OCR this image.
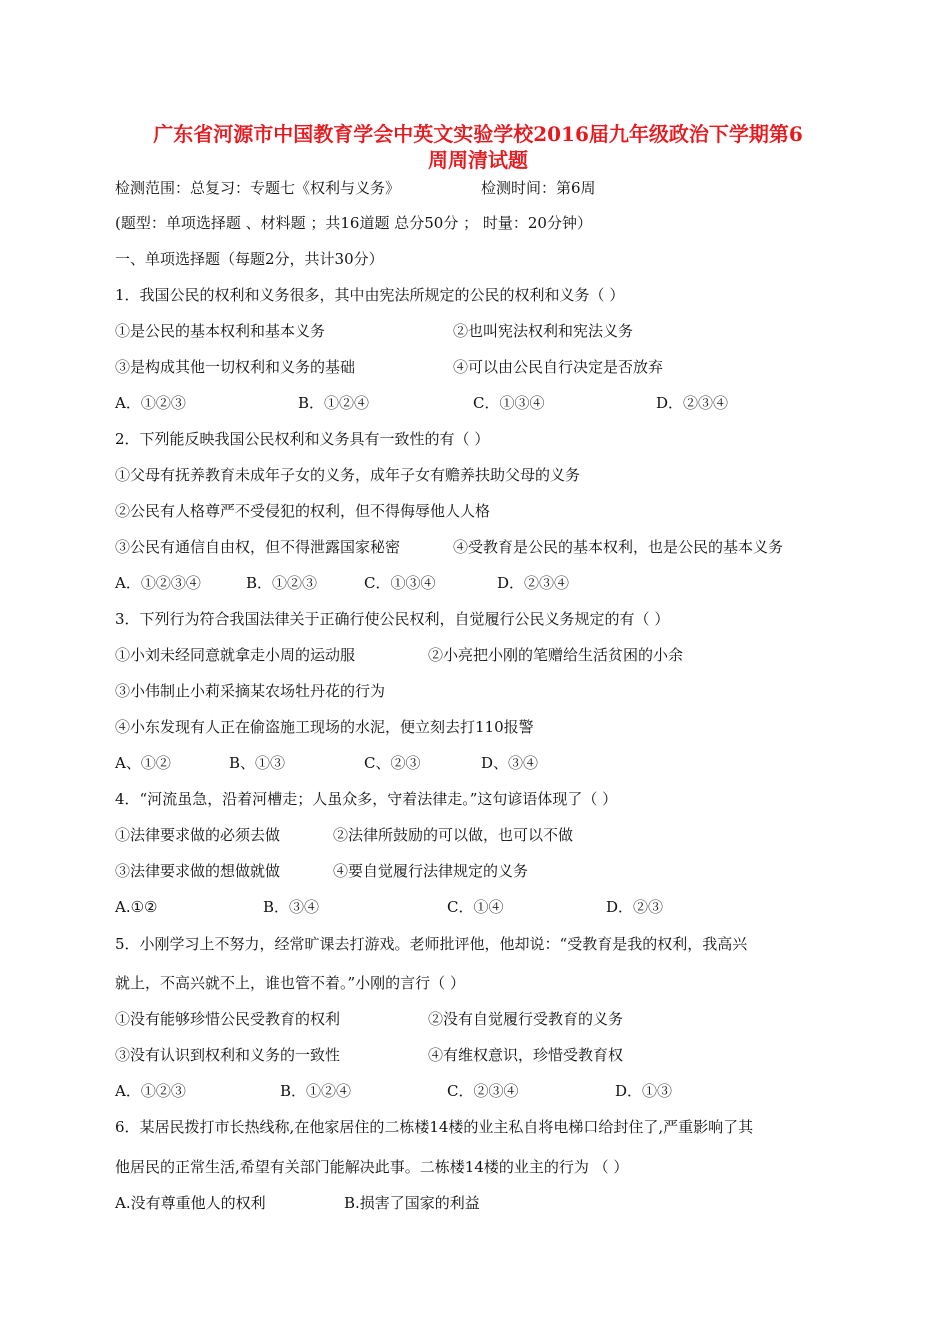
广东省河源市中国教育学会中英文实验学校2016届九年级政治下学期第6
周周清试题
检测范围：总复习：专题七《权利与义务》	检测时间：第6周
(题型：单项选择题 、材料题 ；共16道题 总分50分 ； 时量：20分钟）
一、单项选择题（每题2分，共计30分）
1．我国公民的权利和义务很多，其中由宪法所规定的公民的权利和义务（ ）
①是公民的基本权利和基本义务	②也叫宪法权利和宪法义务
③是构成其他一切权利和义务的基础	④可以由公民自行决定是否放弃
A．①②③	B．①②④	C．①③④	D．②③④
2．下列能反映我国公民权利和义务具有一致性的有（ ）
①父母有抚养教育未成年子女的义务，成年子女有赡养扶助父母的义务
②公民有人格尊严不受侵犯的权利，但不得侮辱他人人格
③公民有通信自由权，但不得泄露国家秘密	④受教育是公民的基本权利，也是公民的基本义务
A．①②③④	B．①②③	C．①③④	D．②③④
3．下列行为符合我国法律关于正确行使公民权利，自觉履行公民义务规定的有（ ）
①小刘未经同意就拿走小周的运动服	②小亮把小刚的笔赠给生活贫困的小余
③小伟制止小莉采摘某农场牡丹花的行为
④小东发现有人正在偷盗施工现场的水泥，便立刻去打110报警
A、①②	B、①③	C、②③	D、③④
4．“河流虽急，沿着河槽走；人虽众多，守着法律走。”这句谚语体现了（ ）
①法律要求做的必须去做	②法律所鼓励的可以做，也可以不做
③法律要求做的想做就做	④要自觉履行法律规定的义务
A.①②	B．③④	C．①④	D．②③
5．小刚学习上不努力，经常旷课去打游戏。老师批评他，他却说：“受教育是我的权利，我高兴
就上，不高兴就不上，谁也管不着。”小刚的言行（ ）
①没有能够珍惜公民受教育的权利	②没有自觉履行受教育的义务
③没有认识到权利和义务的一致性	④有维权意识，珍惜受教育权
A．①②③	B．①②④	C．②③④	D．①③
6．某居民拨打市长热线称,在他家居住的二栋楼14楼的业主私自将电梯口给封住了,严重影响了其
他居民的正常生活,希望有关部门能解决此事。二栋楼14楼的业主的行为 （ ）
A.没有尊重他人的权利	B.损害了国家的利益
